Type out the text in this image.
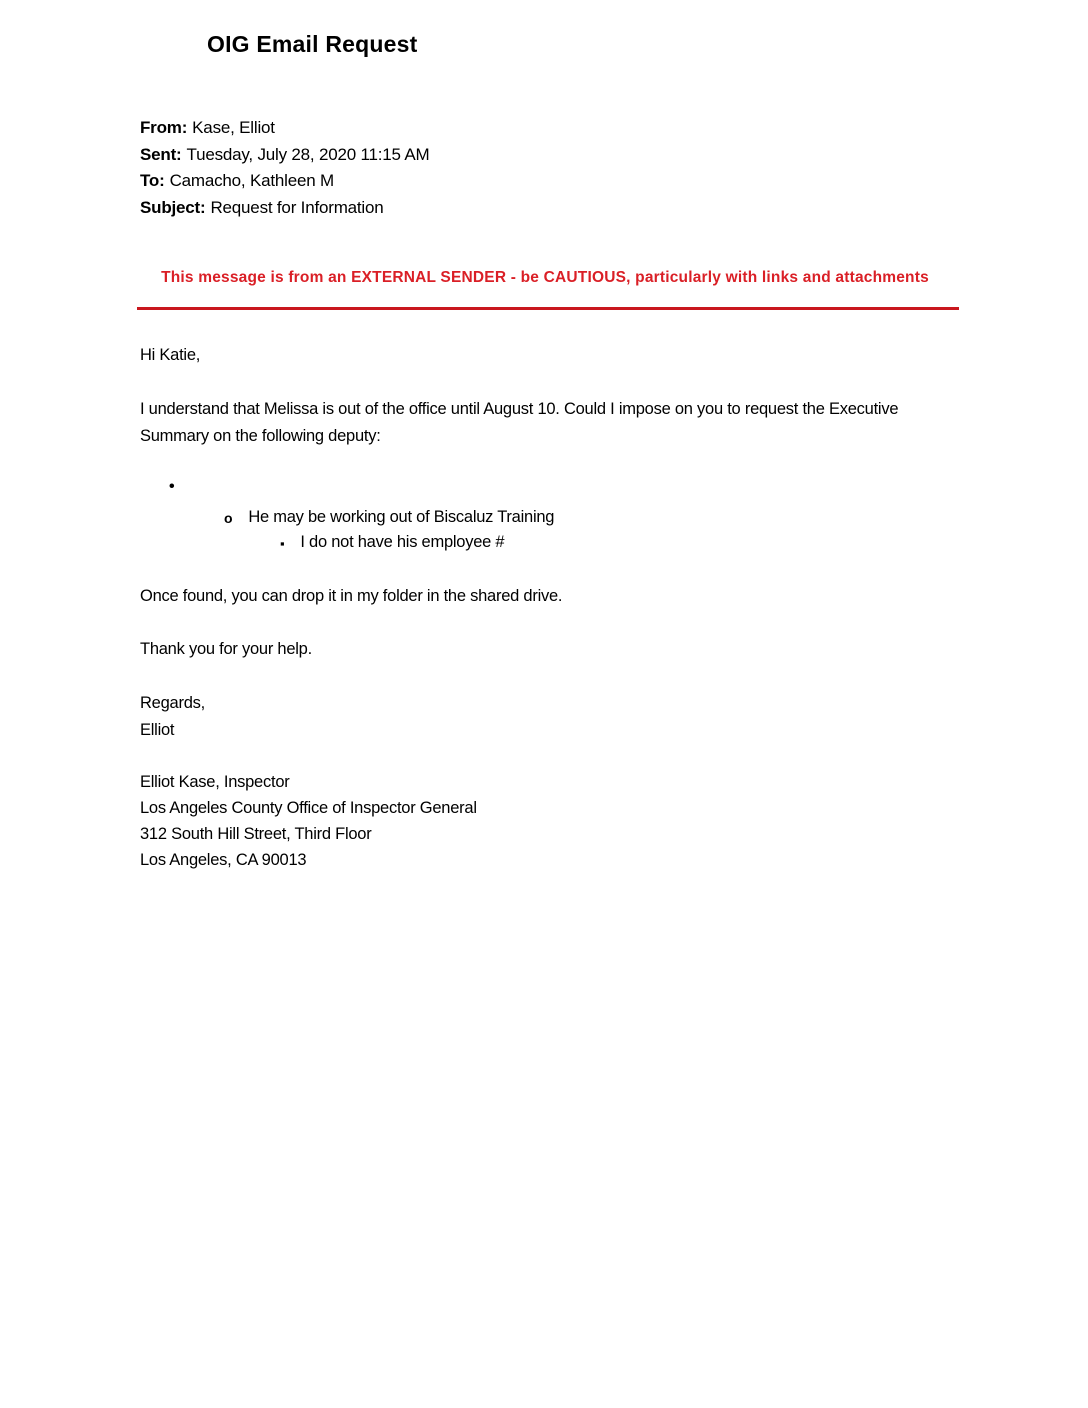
OIG Email Request
From: Kase, Elliot
Sent: Tuesday, July 28, 2020 11:15 AM
To: Camacho, Kathleen M
Subject: Request for Information
This message is from an EXTERNAL SENDER - be CAUTIOUS, particularly with links and attachments
Hi Katie,
I understand that Melissa is out of the office until August 10. Could I impose on you to request the Executive Summary on the following deputy:
•
o He may be working out of Biscaluz Training
▪ I do not have his employee #
Once found, you can drop it in my folder in the shared drive.
Thank you for your help.
Regards,
Elliot
Elliot Kase, Inspector
Los Angeles County Office of Inspector General
312 South Hill Street, Third Floor
Los Angeles, CA 90013
